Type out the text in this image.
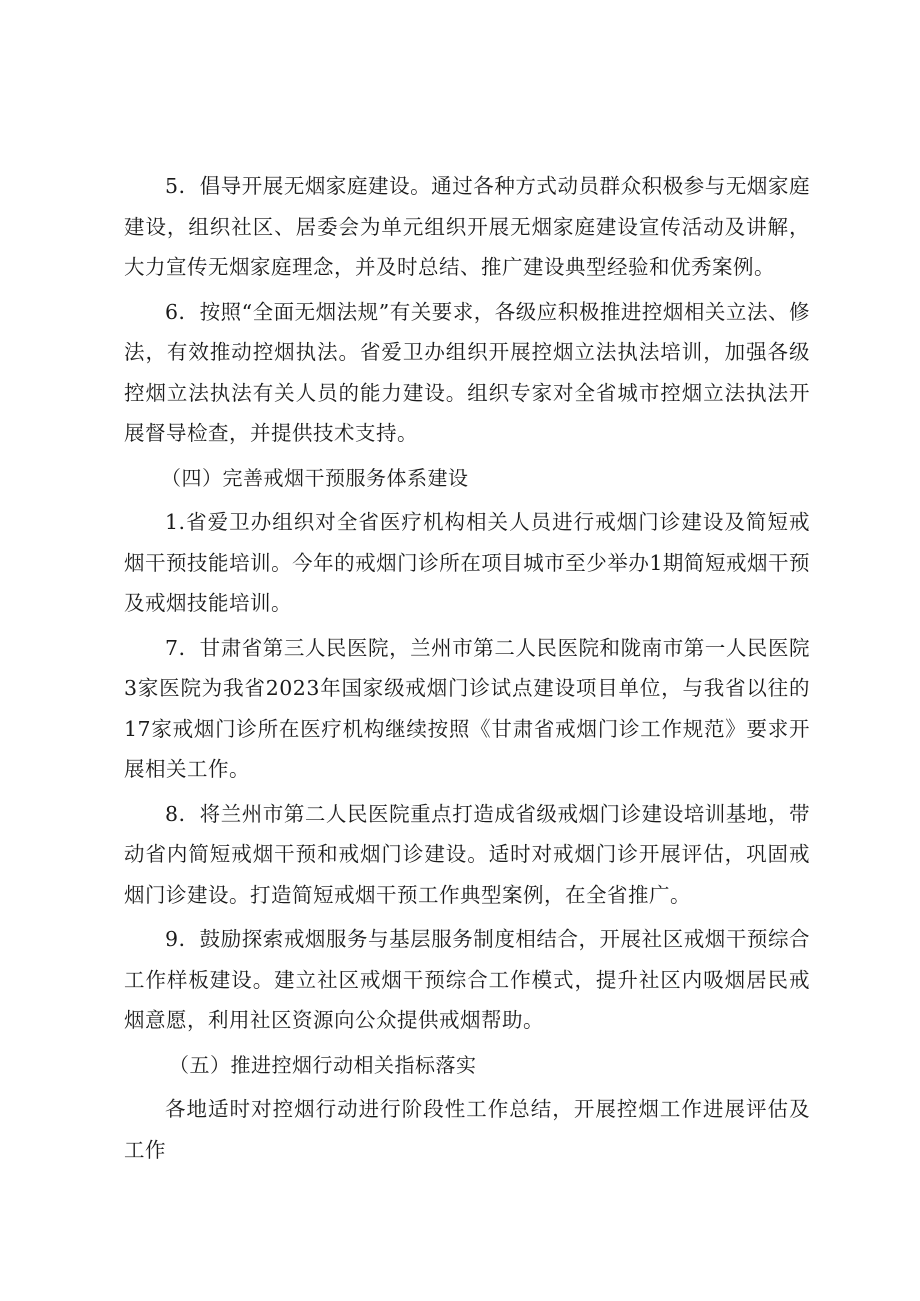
5．倡导开展无烟家庭建设。通过各种方式动员群众积极参与无烟家庭建设，组织社区、居委会为单元组织开展无烟家庭建设宣传活动及讲解，大力宣传无烟家庭理念，并及时总结、推广建设典型经验和优秀案例。

6．按照“全面无烟法规”有关要求，各级应积极推进控烟相关立法、修法，有效推动控烟执法。省爱卫办组织开展控烟立法执法培训，加强各级控烟立法执法有关人员的能力建设。组织专家对全省城市控烟立法执法开展督导检查，并提供技术支持。

（四）完善戒烟干预服务体系建设

1.省爱卫办组织对全省医疗机构相关人员进行戒烟门诊建设及简短戒烟干预技能培训。今年的戒烟门诊所在项目城市至少举办1期简短戒烟干预及戒烟技能培训。

7．甘肃省第三人民医院，兰州市第二人民医院和陇南市第一人民医院3家医院为我省2023年国家级戒烟门诊试点建设项目单位，与我省以往的17家戒烟门诊所在医疗机构继续按照《甘肃省戒烟门诊工作规范》要求开展相关工作。

8．将兰州市第二人民医院重点打造成省级戒烟门诊建设培训基地，带动省内简短戒烟干预和戒烟门诊建设。适时对戒烟门诊开展评估，巩固戒烟门诊建设。打造简短戒烟干预工作典型案例，在全省推广。

9．鼓励探索戒烟服务与基层服务制度相结合，开展社区戒烟干预综合工作样板建设。建立社区戒烟干预综合工作模式，提升社区内吸烟居民戒烟意愿，利用社区资源向公众提供戒烟帮助。

（五）推进控烟行动相关指标落实

各地适时对控烟行动进行阶段性工作总结，开展控烟工作进展评估及工作
